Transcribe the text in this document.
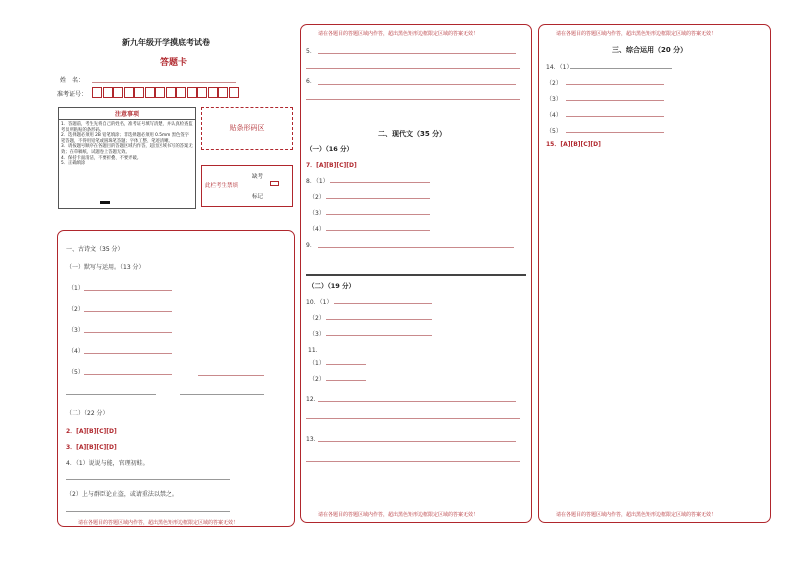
新九年级开学摸底考试卷
答题卡
姓　名：
准考证号：
注意事项
1．答题前，考生先将自己的姓名，准考证号填写清楚，并认真检查监考员所粘贴的条形码。
2．选择题必须用 2B 铅笔填涂；非选择题必须用 0.5mm 黑色签字笔答题，不得用铅笔或圆珠笔答题；字体工整、笔迹清晰。
3．请按题号顺序在各题目的答题区域内作答，超出区域书写的答案无效；在草稿纸、试题卷上答题无效。
4．保持卡面清洁，不要折叠、不要弄破。
5．正确填涂
贴条形码区
此栏考生禁填
缺考
标记
一、古诗文（35 分）
（一）默写与运用。（13 分）
（1）
（2）
（3）
（4）
（5）
（二）（22 分）
2．[A][B][C][D]
3．[A][B][C][D]
4．（1）说说与能，官理初蛙。
（2）上与群臣论止盗，或请重法以禁之。
请在各题目的答题区域内作答，超出黑色矩形边框限定区域的答案无效！
请在各题目的答题区域内作答，超出黑色矩形边框限定区域的答案无效！
5．
6．
二、现代文（35 分）
（一）（16 分）
7．[A][B][C][D]
8．（1）
（2）
（3）
（4）
9．
（二）（19 分）
10．（1）
（2）
（3）
11．
（1）
（2）
12．
13．
请在各题目的答题区域内作答，超出黑色矩形边框限定区域的答案无效！
请在各题目的答题区域内作答，超出黑色矩形边框限定区域的答案无效！
三、综合运用（20 分）
14．（1）
（2）
（3）
（4）
（5）
15．[A][B][C][D]
请在各题目的答题区域内作答，超出黑色矩形边框限定区域的答案无效！
